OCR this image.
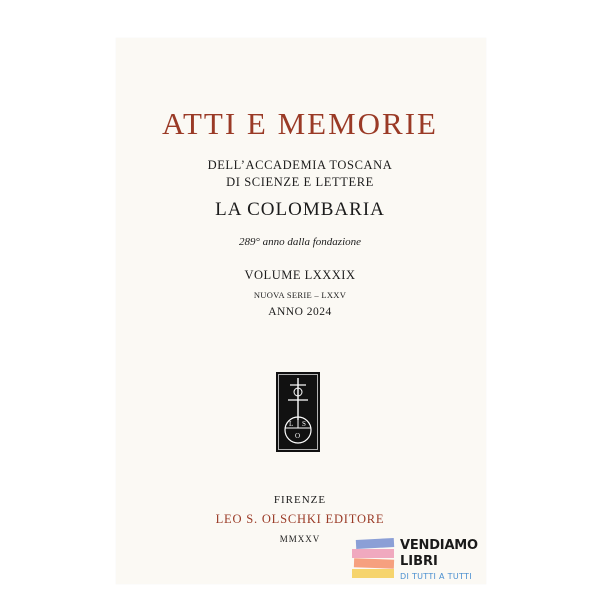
ATTI E MEMORIE
DELL’ACCADEMIA TOSCANA
DI SCIENZE E LETTERE
LA COLOMBARIA
289° anno dalla fondazione
VOLUME LXXXIX
NUOVA SERIE – LXXV
ANNO 2024
L S
O
FIRENZE
LEO S. OLSCHKI EDITORE
MMXXV	VENDIAMO
LIBRI
DI TUTTI A TUTTI
